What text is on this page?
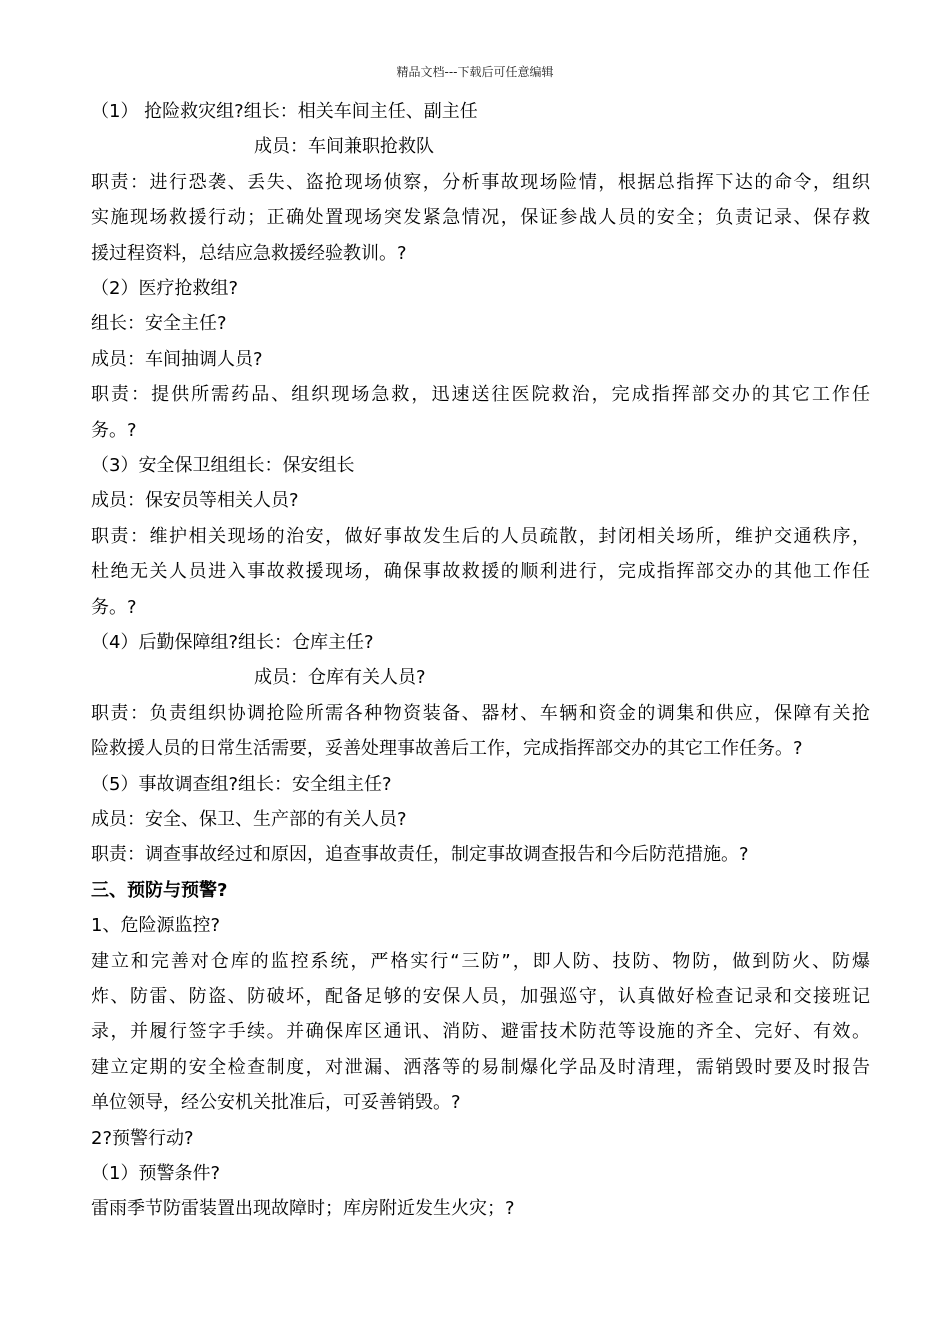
精品文档---下载后可任意编辑
（1） 抢险救灾组?组长：相关车间主任、副主任
成员：车间兼职抢救队
职责：进行恐袭、丢失、盗抢现场侦察，分析事故现场险情，根据总指挥下达的命令，组织
实施现场救援行动；正确处置现场突发紧急情况，保证参战人员的安全；负责记录、保存救
援过程资料，总结应急救援经验教训。?
（2）医疗抢救组?
组长：安全主任?
成员：车间抽调人员?
职责：提供所需药品、组织现场急救，迅速送往医院救治，完成指挥部交办的其它工作任
务。?
（3）安全保卫组组长：保安组长
成员：保安员等相关人员?
职责：维护相关现场的治安，做好事故发生后的人员疏散，封闭相关场所，维护交通秩序，
杜绝无关人员进入事故救援现场，确保事故救援的顺利进行，完成指挥部交办的其他工作任
务。?
（4）后勤保障组?组长：仓库主任?
成员：仓库有关人员?
职责：负责组织协调抢险所需各种物资装备、器材、车辆和资金的调集和供应，保障有关抢
险救援人员的日常生活需要，妥善处理事故善后工作，完成指挥部交办的其它工作任务。?
（5）事故调查组?组长：安全组主任?
成员：安全、保卫、生产部的有关人员?
职责：调查事故经过和原因，追查事故责任，制定事故调查报告和今后防范措施。?
三、预防与预警?
1、危险源监控?
建立和完善对仓库的监控系统，严格实行“三防”，即人防、技防、物防，做到防火、防爆
炸、防雷、防盗、防破坏，配备足够的安保人员，加强巡守，认真做好检查记录和交接班记
录，并履行签字手续。并确保库区通讯、消防、避雷技术防范等设施的齐全、完好、有效。
建立定期的安全检查制度，对泄漏、洒落等的易制爆化学品及时清理，需销毁时要及时报告
单位领导，经公安机关批准后，可妥善销毁。?
2?预警行动?
（1）预警条件?
雷雨季节防雷装置出现故障时；库房附近发生火灾；?
